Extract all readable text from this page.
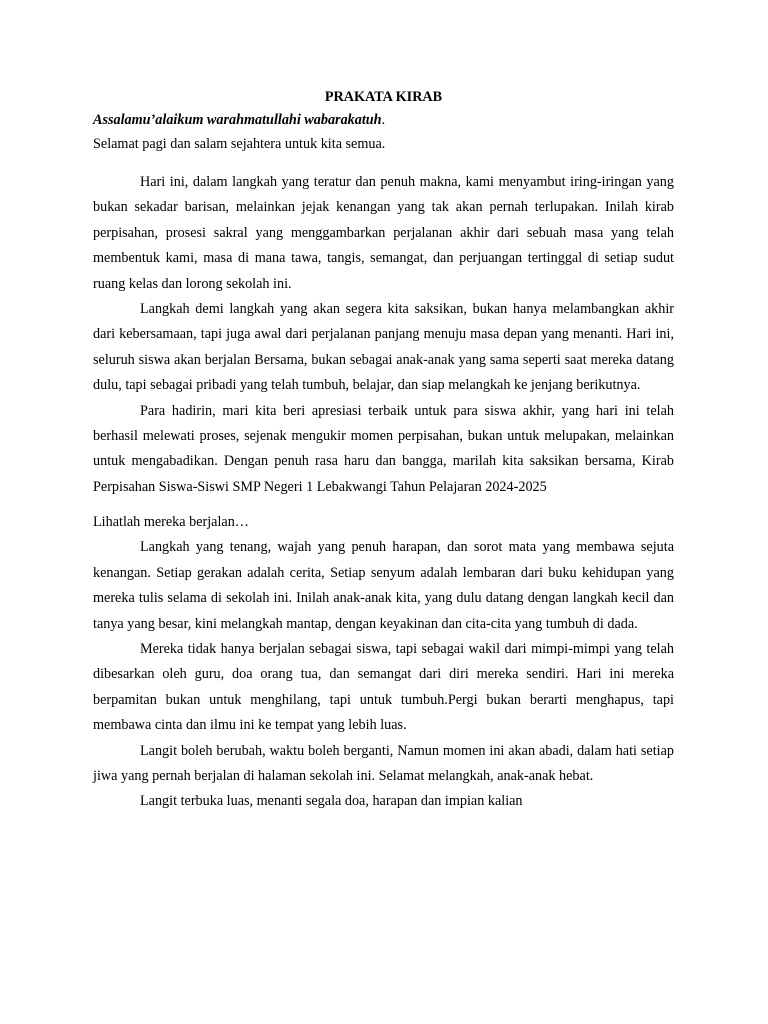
PRAKATA KIRAB

Assalamu’alaikum warahmatullahi wabarakatuh.

Selamat pagi dan salam sejahtera untuk kita semua.

Hari ini, dalam langkah yang teratur dan penuh makna, kami menyambut iring-iringan yang bukan sekadar barisan, melainkan jejak kenangan yang tak akan pernah terlupakan. Inilah kirab perpisahan, prosesi sakral yang menggambarkan perjalanan akhir dari sebuah masa yang telah membentuk kami, masa di mana tawa, tangis, semangat, dan perjuangan tertinggal di setiap sudut ruang kelas dan lorong sekolah ini.

Langkah demi langkah yang akan segera kita saksikan, bukan hanya melambangkan akhir dari kebersamaan, tapi juga awal dari perjalanan panjang menuju masa depan yang menanti. Hari ini, seluruh siswa akan berjalan Bersama, bukan sebagai anak-anak yang sama seperti saat mereka datang dulu, tapi sebagai pribadi yang telah tumbuh, belajar, dan siap melangkah ke jenjang berikutnya.

Para hadirin, mari kita beri apresiasi terbaik untuk para siswa akhir, yang hari ini telah berhasil melewati proses, sejenak mengukir momen perpisahan, bukan untuk melupakan, melainkan untuk mengabadikan. Dengan penuh rasa haru dan bangga, marilah kita saksikan bersama, Kirab Perpisahan Siswa-Siswi SMP Negeri 1 Lebakwangi Tahun Pelajaran 2024-2025

Lihatlah mereka berjalan…

Langkah yang tenang, wajah yang penuh harapan, dan sorot mata yang membawa sejuta kenangan. Setiap gerakan adalah cerita, Setiap senyum adalah lembaran dari buku kehidupan yang mereka tulis selama di sekolah ini. Inilah anak-anak kita, yang dulu datang dengan langkah kecil dan tanya yang besar, kini melangkah mantap, dengan keyakinan dan cita-cita yang tumbuh di dada.

Mereka tidak hanya berjalan sebagai siswa, tapi sebagai wakil dari mimpi-mimpi yang telah dibesarkan oleh guru, doa orang tua, dan semangat dari diri mereka sendiri. Hari ini mereka berpamitan bukan untuk menghilang, tapi untuk tumbuh.Pergi bukan berarti menghapus, tapi membawa cinta dan ilmu ini ke tempat yang lebih luas.

Langit boleh berubah, waktu boleh berganti, Namun momen ini akan abadi, dalam hati setiap jiwa yang pernah berjalan di halaman sekolah ini. Selamat melangkah, anak-anak hebat.

Langit terbuka luas, menanti segala doa, harapan dan impian kalian
